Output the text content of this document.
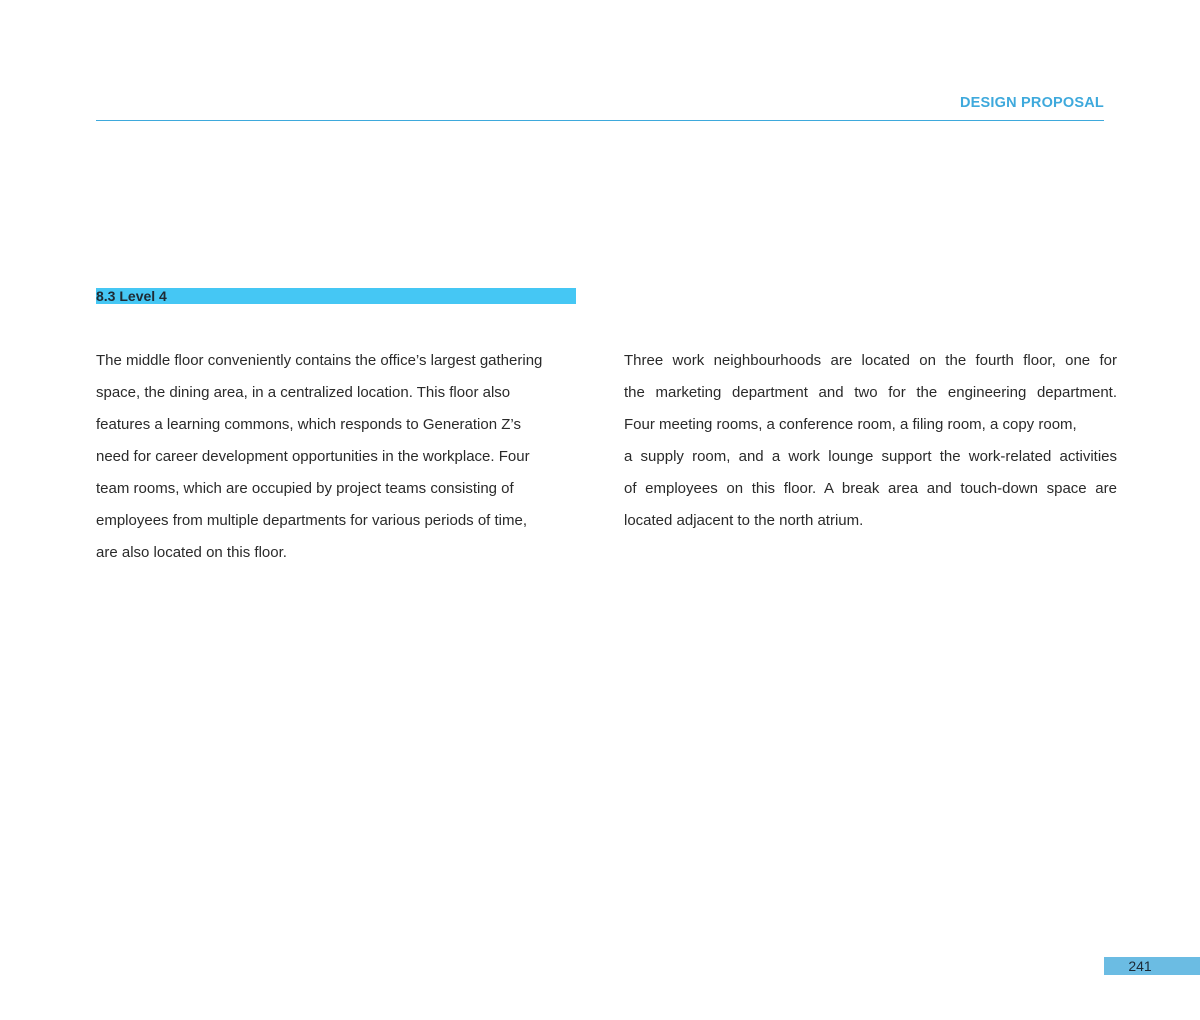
DESIGN PROPOSAL
8.3 Level 4
The middle floor conveniently contains the office’s largest gathering
space, the dining area, in a centralized location. This floor also
features a learning commons, which responds to Generation Z’s
need for career development opportunities in the workplace. Four
team rooms, which are occupied by project teams consisting of
employees from multiple departments for various periods of time,
are also located on this floor.
Three work neighbourhoods are located on the fourth floor, one for
the marketing department and two for the engineering department.
Four meeting rooms, a conference room, a filing room, a copy room,
a supply room, and a work lounge support the work-related activities
of employees on this floor. A break area and touch-down space are
located adjacent to the north atrium.
241
